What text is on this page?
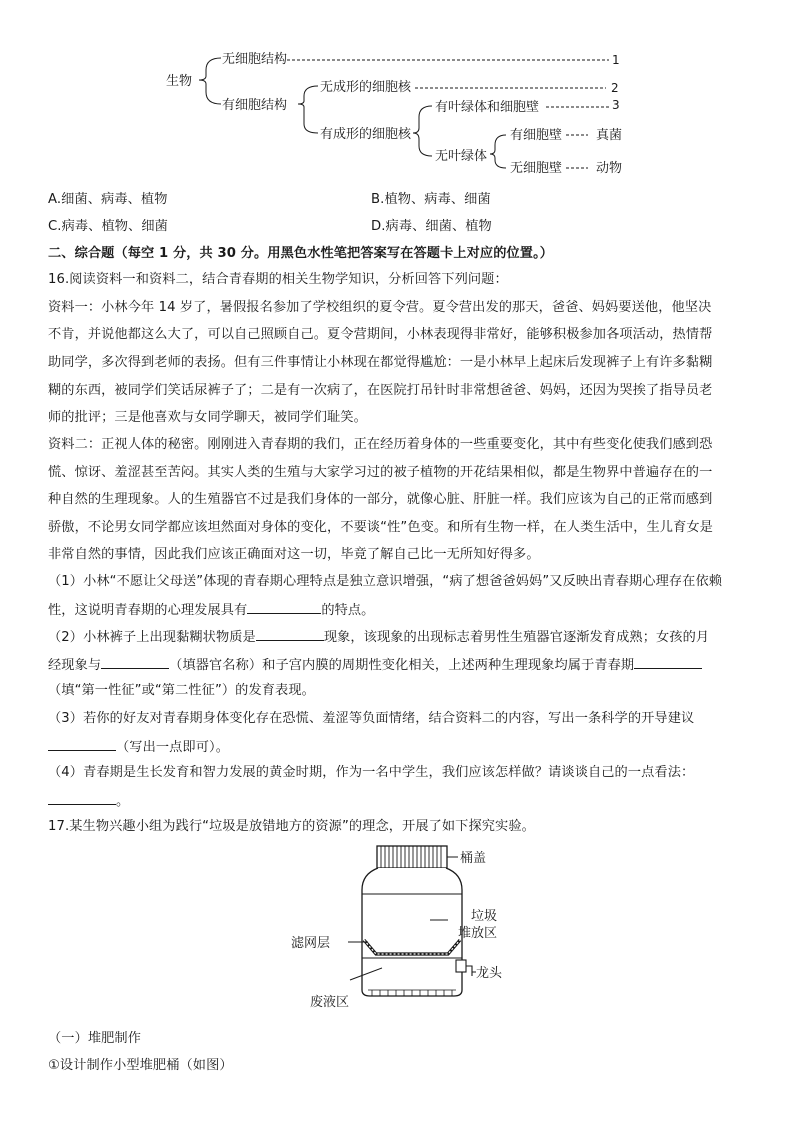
生物
无细胞结构
有细胞结构
无成形的细胞核
有成形的细胞核
有叶绿体和细胞壁
无叶绿体
有细胞壁
无细胞壁
真菌
动物
1
2
3
A.细菌、病毒、植物	B.植物、病毒、细菌
C.病毒、植物、细菌	D.病毒、细菌、植物
二、综合题（每空 1 分，共 30 分。用黑色水性笔把答案写在答题卡上对应的位置。）
16.阅读资料一和资料二，结合青春期的相关生物学知识，分析回答下列问题：
资料一：小林今年 14 岁了，暑假报名参加了学校组织的夏令营。夏令营出发的那天，爸爸、妈妈要送他，他坚决
不肯，并说他都这么大了，可以自己照顾自己。夏令营期间，小林表现得非常好，能够积极参加各项活动，热情帮
助同学，多次得到老师的表扬。但有三件事情让小林现在都觉得尴尬：一是小林早上起床后发现裤子上有许多黏糊
糊的东西，被同学们笑话尿裤子了；二是有一次病了，在医院打吊针时非常想爸爸、妈妈，还因为哭挨了指导员老
师的批评；三是他喜欢与女同学聊天，被同学们耻笑。
资料二：正视人体的秘密。刚刚进入青春期的我们，正在经历着身体的一些重要变化，其中有些变化使我们感到恐
慌、惊讶、羞涩甚至苦闷。其实人类的生殖与大家学习过的被子植物的开花结果相似，都是生物界中普遍存在的一
种自然的生理现象。人的生殖器官不过是我们身体的一部分，就像心脏、肝脏一样。我们应该为自己的正常而感到
骄傲，不论男女同学都应该坦然面对身体的变化，不要谈“性”色变。和所有生物一样，在人类生活中，生儿育女是
非常自然的事情，因此我们应该正确面对这一切，毕竟了解自己比一无所知好得多。
（1）小林“不愿让父母送”体现的青春期心理特点是独立意识增强，“病了想爸爸妈妈”又反映出青春期心理存在依赖
性，这说明青春期的心理发展具有	的特点。
（2）小林裤子上出现黏糊状物质是	现象，该现象的出现标志着男性生殖器官逐渐发育成熟；女孩的月
经现象与	（填器官名称）和子宫内膜的周期性变化相关，上述两种生理现象均属于青春期
（填“第一性征”或“第二性征”）的发育表现。
（3）若你的好友对青春期身体变化存在恐慌、羞涩等负面情绪，结合资料二的内容，写出一条科学的开导建议
（写出一点即可）。
（4）青春期是生长发育和智力发展的黄金时期，作为一名中学生，我们应该怎样做？请谈谈自己的一点看法：
。
17.某生物兴趣小组为践行“垃圾是放错地方的资源”的理念，开展了如下探究实验。
桶盖
垃圾
堆放区
滤网层
龙头
废液区
（一）堆肥制作
①设计制作小型堆肥桶（如图）
